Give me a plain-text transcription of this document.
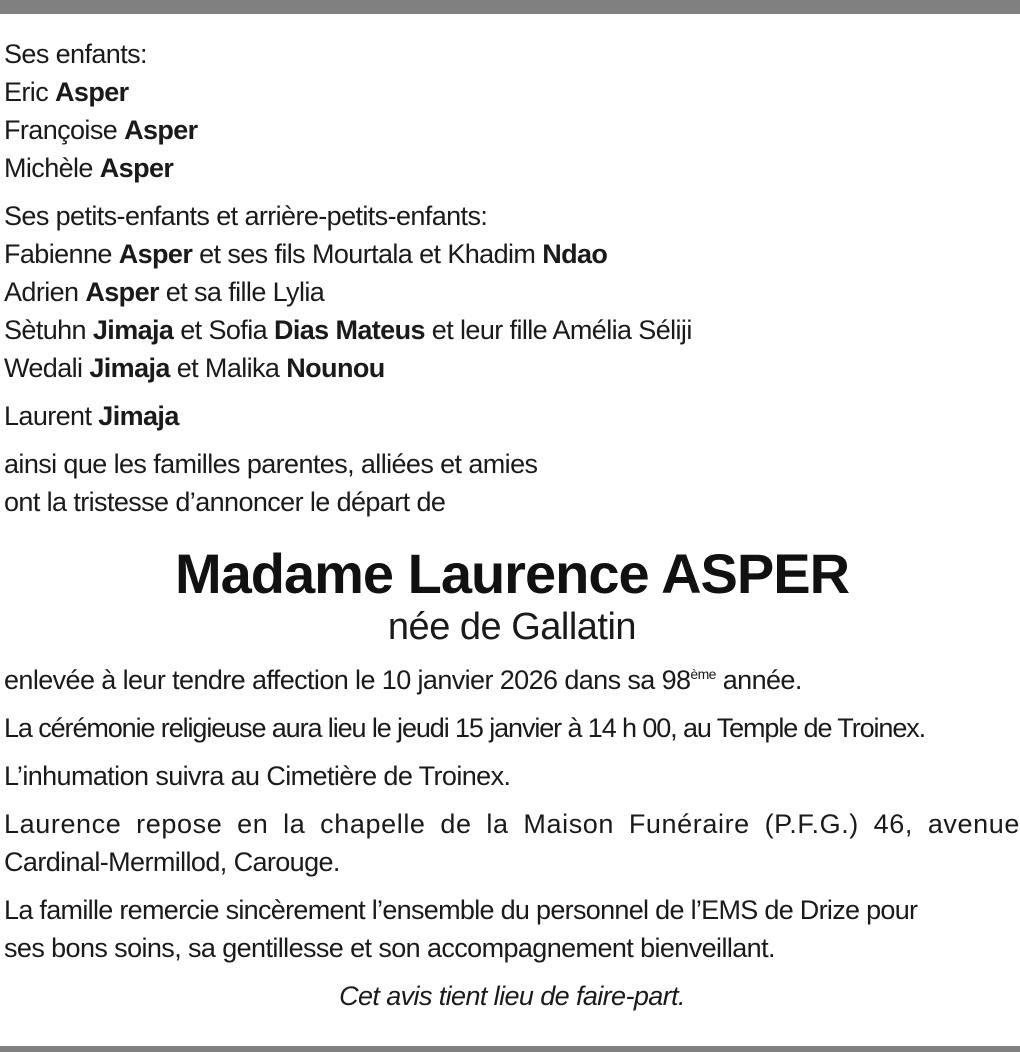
Ses enfants:
Eric Asper
Françoise Asper
Michèle Asper
Ses petits-enfants et arrière-petits-enfants:
Fabienne Asper et ses fils Mourtala et Khadim Ndao
Adrien Asper et sa fille Lylia
Sètuhn Jimaja et Sofia Dias Mateus et leur fille Amélia Séliji
Wedali Jimaja et Malika Nounou
Laurent Jimaja
ainsi que les familles parentes, alliées et amies
ont la tristesse d’annoncer le départ de
Madame Laurence ASPER
née de Gallatin
enlevée à leur tendre affection le 10 janvier 2026 dans sa 98ème année.
La cérémonie religieuse aura lieu le jeudi 15 janvier à 14 h 00, au Temple de Troinex.
L’inhumation suivra au Cimetière de Troinex.
Laurence repose en la chapelle de la Maison Funéraire (P.F.G.) 46, avenue
Cardinal-Mermillod, Carouge.
La famille remercie sincèrement l’ensemble du personnel de l’EMS de Drize pour
ses bons soins, sa gentillesse et son accompagnement bienveillant.
Cet avis tient lieu de faire-part.
